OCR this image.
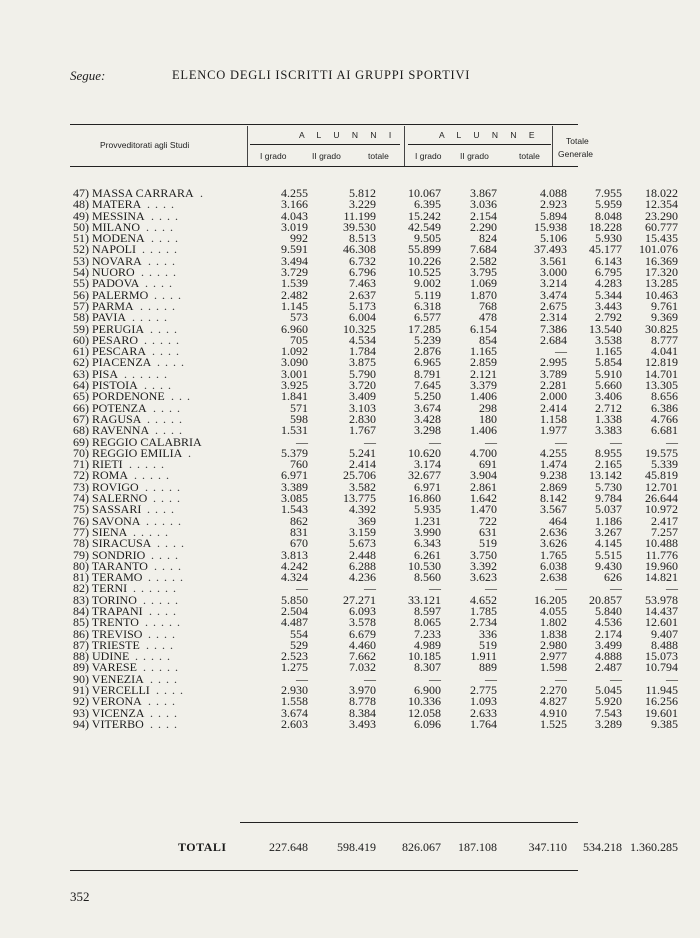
Segue:	ELENCO DEGLI ISCRITTI AI GRUPPI SPORTIVI
Provveditorati agli Studi
A L U N N I	A L U N N E
Totale
Generale
I grado	II grado	totale	I grado II grado	totale
47) MASSA CARRARA .	4.255	5.812	10.067 3.867	4.088 7.955 18.022
48) MATERA . . . .	3.166	3.229	6.395 3.036	2.923 5.959 12.354
49) MESSINA . . . .	4.043	11.199	15.242 2.154	5.894 8.048 23.290
50) MILANO . . . .	3.019	39.530	42.549 2.290	15.938 18.228 60.777
51) MODENA . . . .	992	8.513	9.505	824	5.106 5.930 15.435
52) NAPOLI . . . . .	9.591	46.308	55.899 7.684	37.493 45.177 101.076
53) NOVARA . . . .	3.494	6.732	10.226 2.582	3.561 6.143 16.369
54) NUORO . . . . .	3.729	6.796	10.525 3.795	3.000 6.795 17.320
55) PADOVA . . . .	1.539	7.463	9.002 1.069	3.214 4.283 13.285
56) PALERMO . . . .	2.482	2.637	5.119 1.870	3.474 5.344 10.463
57) PARMA . . . . .	1.145	5.173	6.318	768	2.675 3.443 9.761
58) PAVIA . . . . .	573	6.004	6.577	478	2.314 2.792 9.369
59) PERUGIA . . . .	6.960	10.325	17.285 6.154	7.386 13.540 30.825
60) PESARO . . . . .	705	4.534	5.239	854	2.684 3.538 8.777
61) PESCARA . . . .	1.092	1.784	2.876 1.165	— 1.165 4.041
62) PIACENZA . . . .	3.090	3.875	6.965 2.859	2.995 5.854 12.819
63) PISA . . . . . .	3.001	5.790	8.791 2.121	3.789 5.910 14.701
64) PISTOIA . . . .	3.925	3.720	7.645 3.379	2.281 5.660 13.305
65) PORDENONE . . .	1.841	3.409	5.250 1.406	2.000 3.406 8.656
66) POTENZA . . . .	571	3.103	3.674	298	2.414 2.712 6.386
67) RAGUSA . . . . .	598	2.830	3.428	180	1.158 1.338 4.766
68) RAVENNA . . . .	1.531	1.767	3.298 1.406	1.977 3.383 6.681
69) REGGIO CALABRIA	—	—	—	—	—	—	—
70) REGGIO EMILIA .	5.379	5.241	10.620 4.700	4.255 8.955 19.575
71) RIETI . . . . .	760	2.414	3.174	691	1.474 2.165 5.339
72) ROMA . . . . .	6.971	25.706	32.677 3.904	9.238 13.142 45.819
73) ROVIGO . . . . .	3.389	3.582	6.971 2.861	2.869 5.730 12.701
74) SALERNO . . . .	3.085	13.775	16.860 1.642	8.142 9.784 26.644
75) SASSARI . . . .	1.543	4.392	5.935 1.470	3.567 5.037 10.972
76) SAVONA . . . . .	862	369	1.231	722	464 1.186 2.417
77) SIENA . . . . .	831	3.159	3.990	631	2.636 3.267 7.257
78) SIRACUSA . . . .	670	5.673	6.343	519	3.626 4.145 10.488
79) SONDRIO . . . .	3.813	2.448	6.261 3.750	1.765 5.515 11.776
80) TARANTO . . . .	4.242	6.288	10.530 3.392	6.038 9.430 19.960
81) TERAMO . . . . .	4.324	4.236	8.560 3.623	2.638	626 14.821
82) TERNI . . . . . .	—	—	—	—	—	—	—
83) TORINO . . . . .	5.850	27.271	33.121 4.652	16.205 20.857 53.978
84) TRAPANI . . . .	2.504	6.093	8.597 1.785	4.055 5.840 14.437
85) TRENTO . . . . .	4.487	3.578	8.065 2.734	1.802 4.536 12.601
86) TREVISO . . . .	554	6.679	7.233	336	1.838 2.174 9.407
87) TRIESTE . . . .	529	4.460	4.989	519	2.980 3.499 8.488
88) UDINE . . . . .	2.523	7.662	10.185 1.911	2.977 4.888 15.073
89) VARESE . . . . .	1.275	7.032	8.307	889	1.598 2.487 10.794
90) VENEZIA . . . .	—	—	—	—	—	—	—
91) VERCELLI . . . .	2.930	3.970	6.900 2.775	2.270 5.045 11.945
92) VERONA . . . .	1.558	8.778	10.336 1.093	4.827 5.920 16.256
93) VICENZA . . . .	3.674	8.384	12.058 2.633	4.910 7.543 19.601
94) VITERBO . . . .	2.603	3.493	6.096 1.764	1.525 3.289 9.385
TOTALI	227.648 598.419 826.067 187.108	347.110 534.218 1.360.285
352
